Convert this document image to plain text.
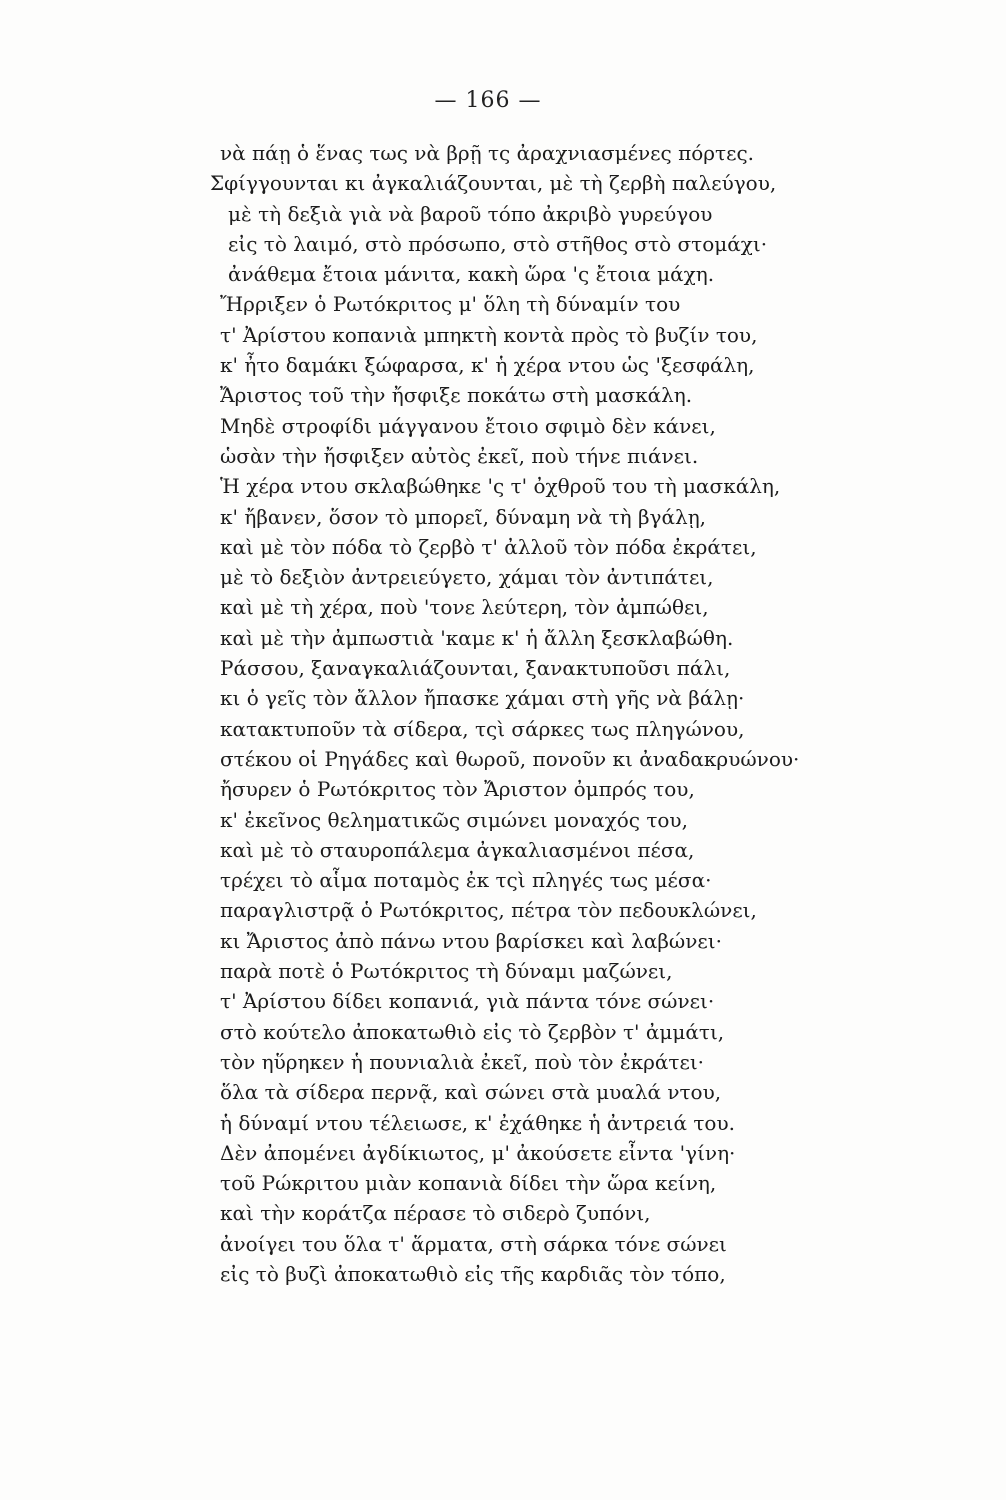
— 166 —
νὰ πάῃ ὁ ἕνας τως νὰ βρῇ τς ἀραχνιασμένες πόρτες.
Σφίγγουνται κι ἀγκαλιάζουνται, μὲ τὴ ζερβὴ παλεύγου,
μὲ τὴ δεξιὰ γιὰ νὰ βαροῦ τόπο ἀκριβὸ γυρεύγου
εἰς τὸ λαιμό, στὸ πρόσωπο, στὸ στῆθος στὸ στομάχι·
ἀνάθεμα ἔτοια μάνιτα, κακὴ ὥρα 'ς ἔτοια μάχη.
Ἤρριξεν ὁ Ρωτόκριτος μ' ὅλη τὴ δύναμίν του
τ' Ἀρίστου κοπανιὰ μπηκτὴ κοντὰ πρὸς τὸ βυζίν του,
κ' ἦτο δαμάκι ξώφαρσα, κ' ἡ χέρα ντου ὡς 'ξεσφάλη,
Ἄριστος τοῦ τὴν ἤσφιξε ποκάτω στὴ μασκάλη.
Μηδὲ στροφίδι μάγγανου ἔτοιο σφιμὸ δὲν κάνει,
ὡσὰν τὴν ἤσφιξεν αὐτὸς ἐκεῖ, ποὺ τήνε πιάνει.
Ἡ χέρα ντου σκλαβώθηκε 'ς τ' ὀχθροῦ του τὴ μασκάλη,
κ' ἤβανεν, ὅσον τὸ μπορεῖ, δύναμη νὰ τὴ βγάλῃ,
καὶ μὲ τὸν πόδα τὸ ζερβὸ τ' ἀλλοῦ τὸν πόδα ἐκράτει,
μὲ τὸ δεξιὸν ἀντρειεύγετο, χάμαι τὸν ἀντιπάτει,
καὶ μὲ τὴ χέρα, ποὺ 'τονε λεύτερη, τὸν ἀμπώθει,
καὶ μὲ τὴν ἀμπωστιὰ 'καμε κ' ἡ ἄλλη ξεσκλαβώθη.
Ράσσου, ξαναγκαλιάζουνται, ξανακτυποῦσι πάλι,
κι ὁ γεῖς τὸν ἄλλον ἤπασκε χάμαι στὴ γῆς νὰ βάλῃ·
κατακτυποῦν τὰ σίδερα, τςὶ σάρκες τως πληγώνου,
στέκου οἱ Ρηγάδες καὶ θωροῦ, πονοῦν κι ἀναδακρυώνου·
ἤσυρεν ὁ Ρωτόκριτος τὸν Ἄριστον ὀμπρός του,
κ' ἐκεῖνος θεληματικῶς σιμώνει μοναχός του,
καὶ μὲ τὸ σταυροπάλεμα ἀγκαλιασμένοι πέσα,
τρέχει τὸ αἷμα ποταμὸς ἐκ τςὶ πληγές τως μέσα·
παραγλιστρᾷ ὁ Ρωτόκριτος, πέτρα τὸν πεδουκλώνει,
κι Ἄριστος ἀπὸ πάνω ντου βαρίσκει καὶ λαβώνει·
παρὰ ποτὲ ὁ Ρωτόκριτος τὴ δύναμι μαζώνει,
τ' Ἀρίστου δίδει κοπανιά, γιὰ πάντα τόνε σώνει·
στὸ κούτελο ἀποκατωθιὸ εἰς τὸ ζερβὸν τ' ἀμμάτι,
τὸν ηὕρηκεν ἡ πουνιαλιὰ ἐκεῖ, ποὺ τὸν ἐκράτει·
ὅλα τὰ σίδερα περνᾷ, καὶ σώνει στὰ μυαλά ντου,
ἡ δύναμί ντου τέλειωσε, κ' ἐχάθηκε ἡ ἀντρειά του.
Δὲν ἀπομένει ἀγδίκιωτος, μ' ἀκούσετε εἶντα 'γίνη·
τοῦ Ρώκριτου μιὰν κοπανιὰ δίδει τὴν ὥρα κείνη,
καὶ τὴν κοράτζα πέρασε τὸ σιδερὸ ζυπόνι,
ἀνοίγει του ὅλα τ' ἅρματα, στὴ σάρκα τόνε σώνει
εἰς τὸ βυζὶ ἀποκατωθιὸ εἰς τῆς καρδιᾶς τὸν τόπο,
